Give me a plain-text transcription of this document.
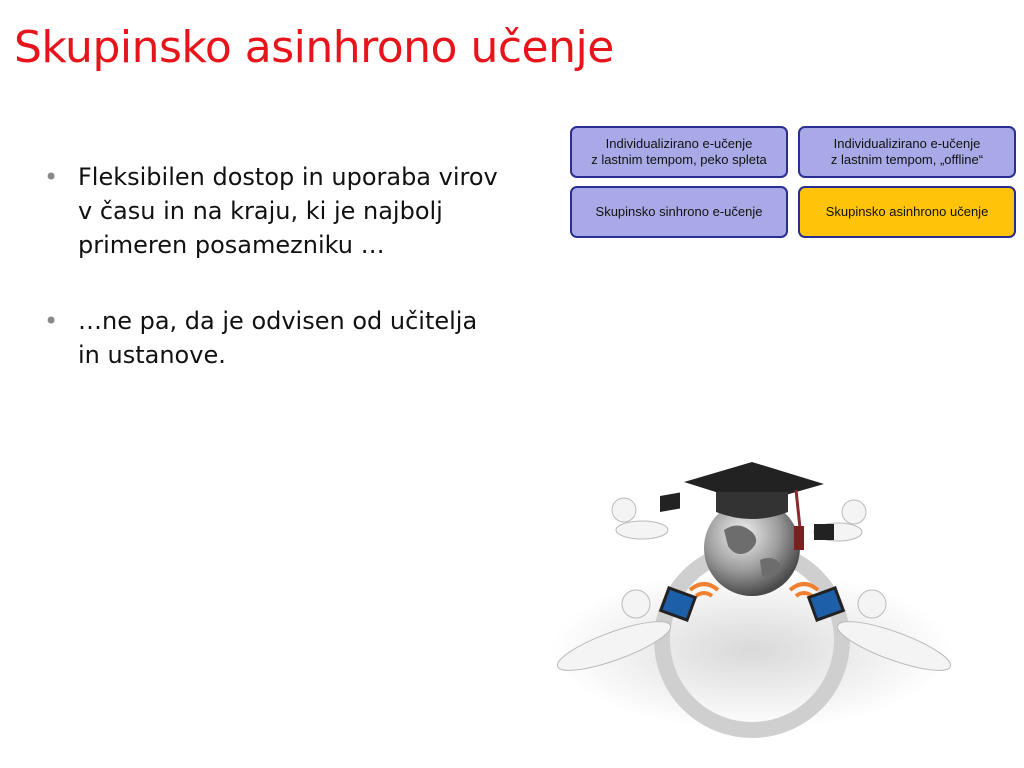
Skupinsko asinhrono učenje
• Fleksibilen dostop in uporaba virov v času in na kraju, ki je najbolj primeren posamezniku …
• …ne pa, da je odvisen od učitelja in ustanove.
Individualizirano e-učenje
z lastnim tempom, peko spleta
Individualizirano e-učenje
z lastnim tempom, „offline“
Skupinsko sinhrono e-učenje	Skupinsko asinhrono učenje
